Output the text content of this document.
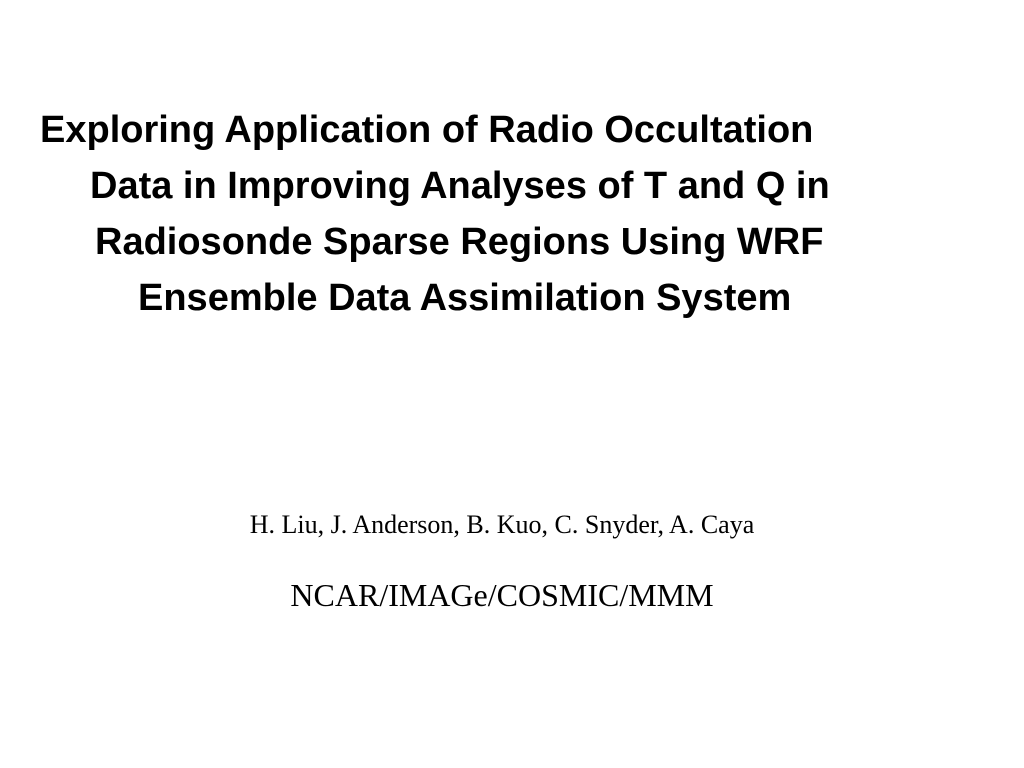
Exploring Application of Radio Occultation
Data in Improving Analyses of T and Q in
Radiosonde Sparse Regions Using WRF
Ensemble Data Assimilation System
H. Liu, J. Anderson, B. Kuo, C. Snyder, A. Caya
NCAR/IMAGe/COSMIC/MMM
